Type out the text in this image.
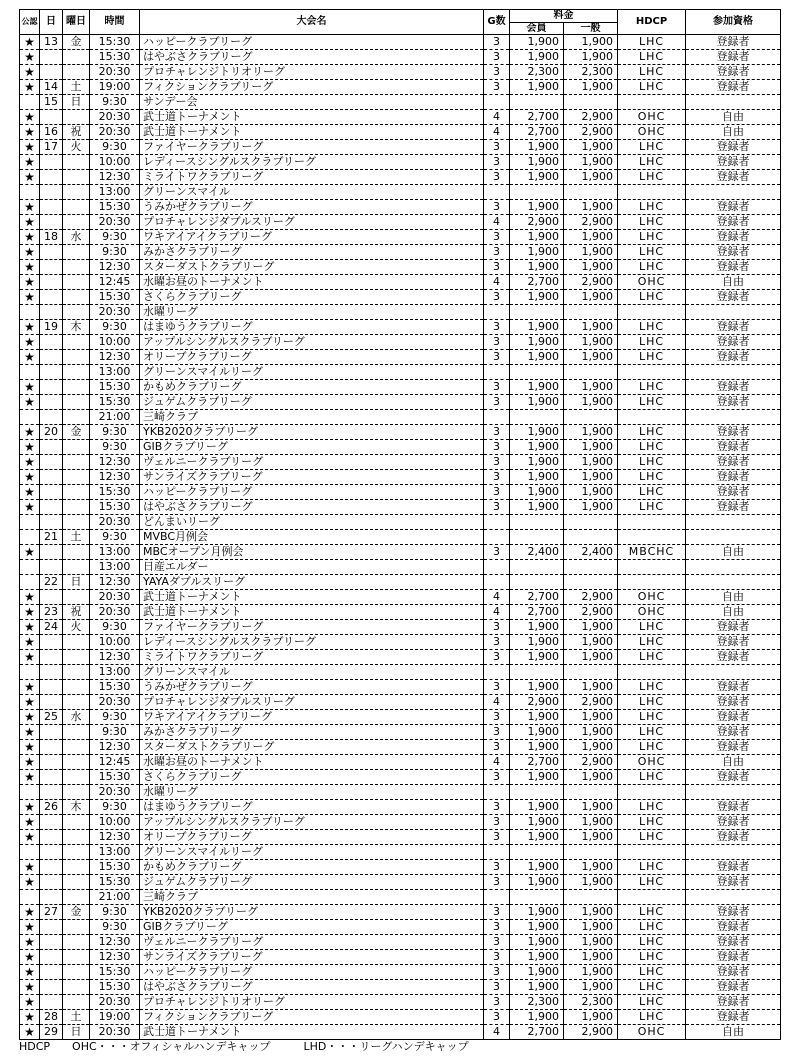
公認	日	曜日	時間	大会名	G数	料金		HDCP	参加資格
						会員	一般		
★	13	金	15:30	ハッピークラブリーグ	3	1,900	1,900	LHC	登録者
★			15:30	はやぶさクラブリーグ	3	1,900	1,900	LHC	登録者
★			20:30	プロチャレンジトリオリーグ	3	2,300	2,300	LHC	登録者
★	14	土	19:00	フィクションクラブリーグ	3	1,900	1,900	LHC	登録者
	15	日	9:30	サンデー会					
★			20:30	武士道トーナメント	4	2,700	2,900	OHC	自由
★	16	祝	20:30	武士道トーナメント	4	2,700	2,900	OHC	自由
★	17	火	9:30	ファイヤークラブリーグ	3	1,900	1,900	LHC	登録者
★			10:00	レディースシングルスクラブリーグ	3	1,900	1,900	LHC	登録者
★			12:30	ミライトワクラブリーグ	3	1,900	1,900	LHC	登録者
			13:00	グリーンスマイル					
★			15:30	うみかぜクラブリーグ	3	1,900	1,900	LHC	登録者
★			20:30	プロチャレンジダブルスリーグ	4	2,900	2,900	LHC	登録者
★	18	水	9:30	ワキアイアイクラブリーグ	3	1,900	1,900	LHC	登録者
★			9:30	みかさクラブリーグ	3	1,900	1,900	LHC	登録者
★			12:30	スターダストクラブリーグ	3	1,900	1,900	LHC	登録者
★			12:45	水曜お昼のトーナメント	4	2,700	2,900	OHC	自由
★			15:30	さくらクラブリーグ	3	1,900	1,900	LHC	登録者
			20:30	水曜リーグ					
★	19	木	9:30	はまゆうクラブリーグ	3	1,900	1,900	LHC	登録者
★			10:00	アップルシングルスクラブリーグ	3	1,900	1,900	LHC	登録者
★			12:30	オリーブクラブリーグ	3	1,900	1,900	LHC	登録者
			13:00	グリーンスマイルリーグ					
★			15:30	かもめクラブリーグ	3	1,900	1,900	LHC	登録者
★			15:30	ジュゲムクラブリーグ	3	1,900	1,900	LHC	登録者
			21:00	三崎クラブ					
★	20	金	9:30	YKB2020クラブリーグ	3	1,900	1,900	LHC	登録者
★			9:30	GIBクラブリーグ	3	1,900	1,900	LHC	登録者
★			12:30	ヴェルニークラブリーグ	3	1,900	1,900	LHC	登録者
★			12:30	サンライズクラブリーグ	3	1,900	1,900	LHC	登録者
★			15:30	ハッピークラブリーグ	3	1,900	1,900	LHC	登録者
★			15:30	はやぶさクラブリーグ	3	1,900	1,900	LHC	登録者
			20:30	どんまいリーグ					
	21	土	9:30	MVBC月例会					
★			13:00	MBCオープン月例会	3	2,400	2,400	MBCHC	自由
			13:00	日産エルダー					
	22	日	12:30	YAYAダブルスリーグ					
★			20:30	武士道トーナメント	4	2,700	2,900	OHC	自由
★	23	祝	20:30	武士道トーナメント	4	2,700	2,900	OHC	自由
★	24	火	9:30	ファイヤークラブリーグ	3	1,900	1,900	LHC	登録者
★			10:00	レディースシングルスクラブリーグ	3	1,900	1,900	LHC	登録者
★			12:30	ミライトワクラブリーグ	3	1,900	1,900	LHC	登録者
			13:00	グリーンスマイル					
★			15:30	うみかぜクラブリーグ	3	1,900	1,900	LHC	登録者
★			20:30	プロチャレンジダブルスリーグ	4	2,900	2,900	LHC	登録者
★	25	水	9:30	ワキアイアイクラブリーグ	3	1,900	1,900	LHC	登録者
★			9:30	みかさクラブリーグ	3	1,900	1,900	LHC	登録者
★			12:30	スターダストクラブリーグ	3	1,900	1,900	LHC	登録者
★			12:45	水曜お昼のトーナメント	4	2,700	2,900	OHC	自由
★			15:30	さくらクラブリーグ	3	1,900	1,900	LHC	登録者
			20:30	水曜リーグ					
★	26	木	9:30	はまゆうクラブリーグ	3	1,900	1,900	LHC	登録者
★			10:00	アップルシングルスクラブリーグ	3	1,900	1,900	LHC	登録者
★			12:30	オリーブクラブリーグ	3	1,900	1,900	LHC	登録者
			13:00	グリーンスマイルリーグ					
★			15:30	かもめクラブリーグ	3	1,900	1,900	LHC	登録者
★			15:30	ジュゲムクラブリーグ	3	1,900	1,900	LHC	登録者
			21:00	三崎クラブ					
★	27	金	9:30	YKB2020クラブリーグ	3	1,900	1,900	LHC	登録者
★			9:30	GIBクラブリーグ	3	1,900	1,900	LHC	登録者
★			12:30	ヴェルニークラブリーグ	3	1,900	1,900	LHC	登録者
★			12:30	サンライズクラブリーグ	3	1,900	1,900	LHC	登録者
★			15:30	ハッピークラブリーグ	3	1,900	1,900	LHC	登録者
★			15:30	はやぶさクラブリーグ	3	1,900	1,900	LHC	登録者
★			20:30	プロチャレンジトリオリーグ	3	2,300	2,300	LHC	登録者
★	28	土	19:00	フィクションクラブリーグ	3	1,900	1,900	LHC	登録者
★	29	日	20:30	武士道トーナメント	4	2,700	2,900	OHC	自由
HDCP　　OHC・・・オフィシャルハンデキャップ　　　LHD・・・リーグハンデキャップ
